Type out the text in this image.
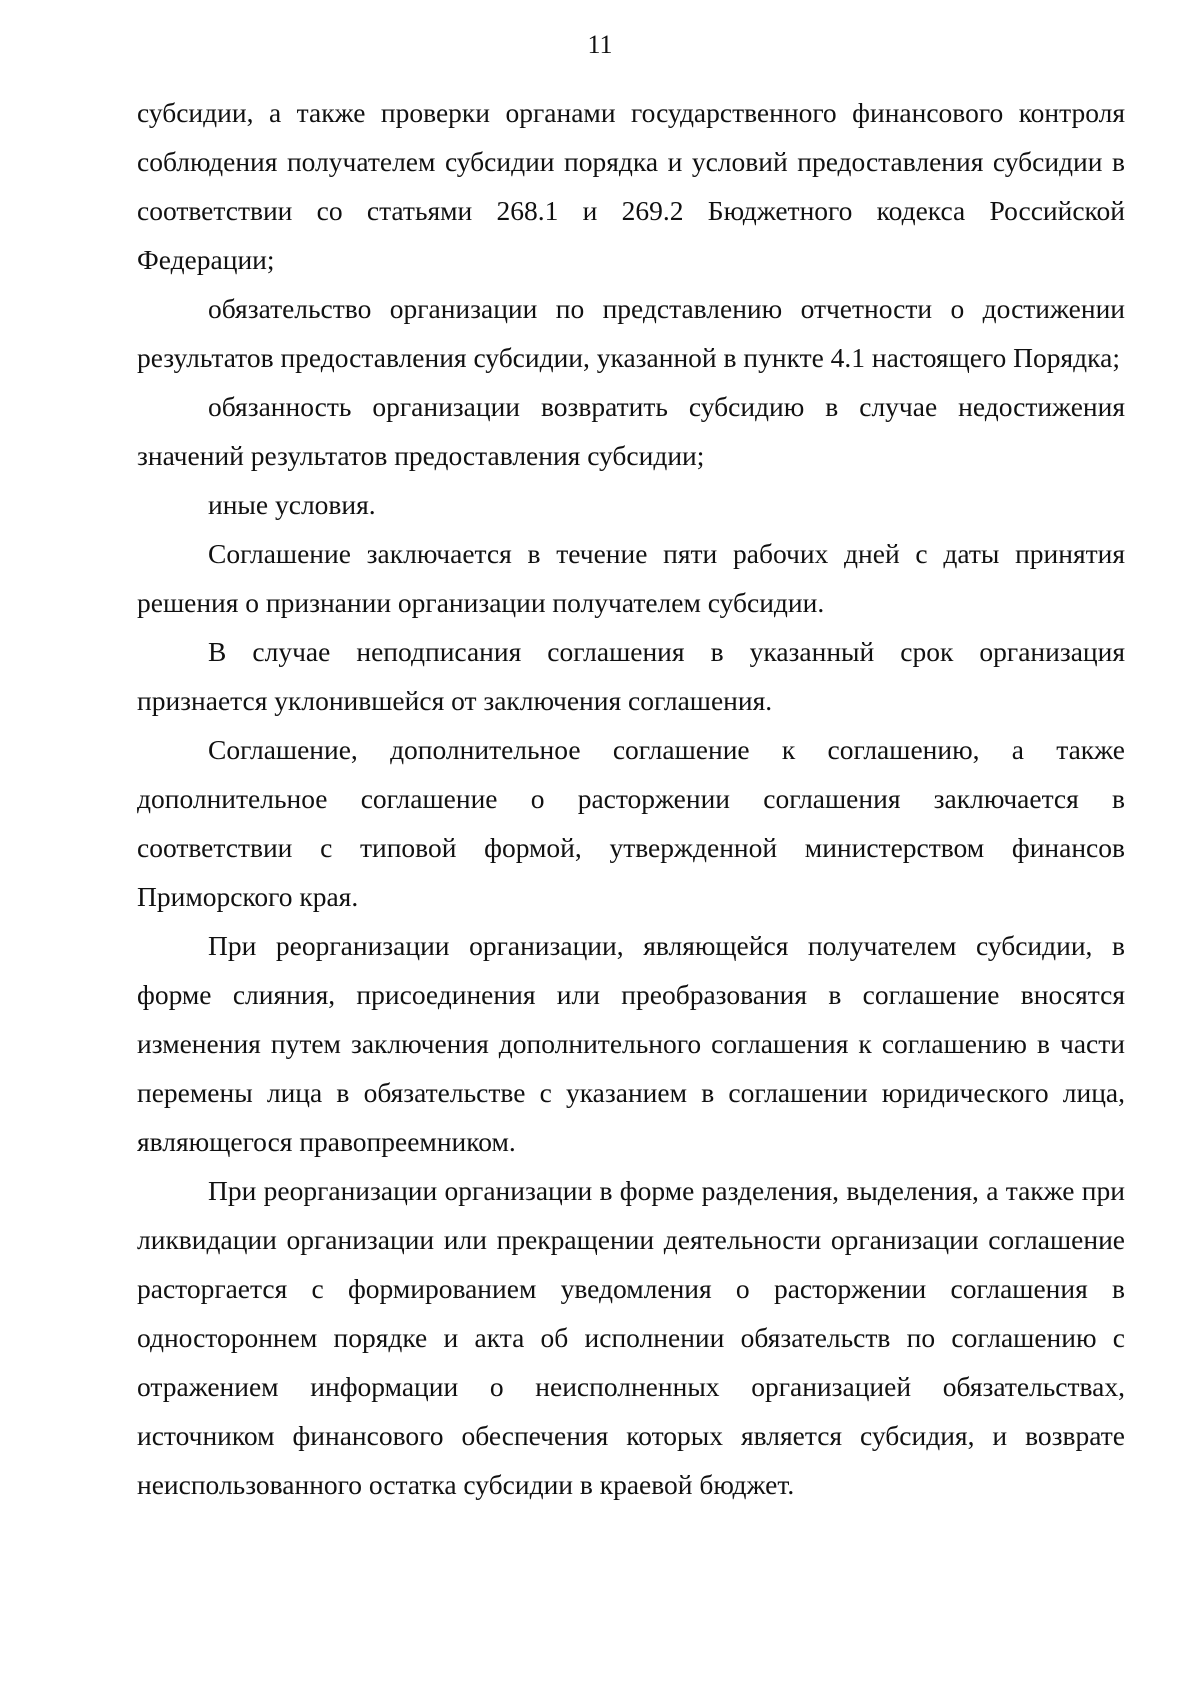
11

субсидии, а также проверки органами государственного финансового контроля соблюдения получателем субсидии порядка и условий предоставления субсидии в соответствии со статьями 268.1 и 269.2 Бюджетного кодекса Российской Федерации;

обязательство организации по представлению отчетности о достижении результатов предоставления субсидии, указанной в пункте 4.1 настоящего Порядка;

обязанность организации возвратить субсидию в случае недостижения значений результатов предоставления субсидии;

иные условия.

Соглашение заключается в течение пяти рабочих дней с даты принятия решения о признании организации получателем субсидии.

В случае неподписания соглашения в указанный срок организация признается уклонившейся от заключения соглашения.

Соглашение, дополнительное соглашение к соглашению, а также дополнительное соглашение о расторжении соглашения заключается в соответствии с типовой формой, утвержденной министерством финансов Приморского края.

При реорганизации организации, являющейся получателем субсидии, в форме слияния, присоединения или преобразования в соглашение вносятся изменения путем заключения дополнительного соглашения к соглашению в части перемены лица в обязательстве с указанием в соглашении юридического лица, являющегося правопреемником.

При реорганизации организации в форме разделения, выделения, а также при ликвидации организации или прекращении деятельности организации соглашение расторгается с формированием уведомления о расторжении соглашения в одностороннем порядке и акта об исполнении обязательств по соглашению с отражением информации о неисполненных организацией обязательствах, источником финансового обеспечения которых является субсидия, и возврате неиспользованного остатка субсидии в краевой бюджет.
